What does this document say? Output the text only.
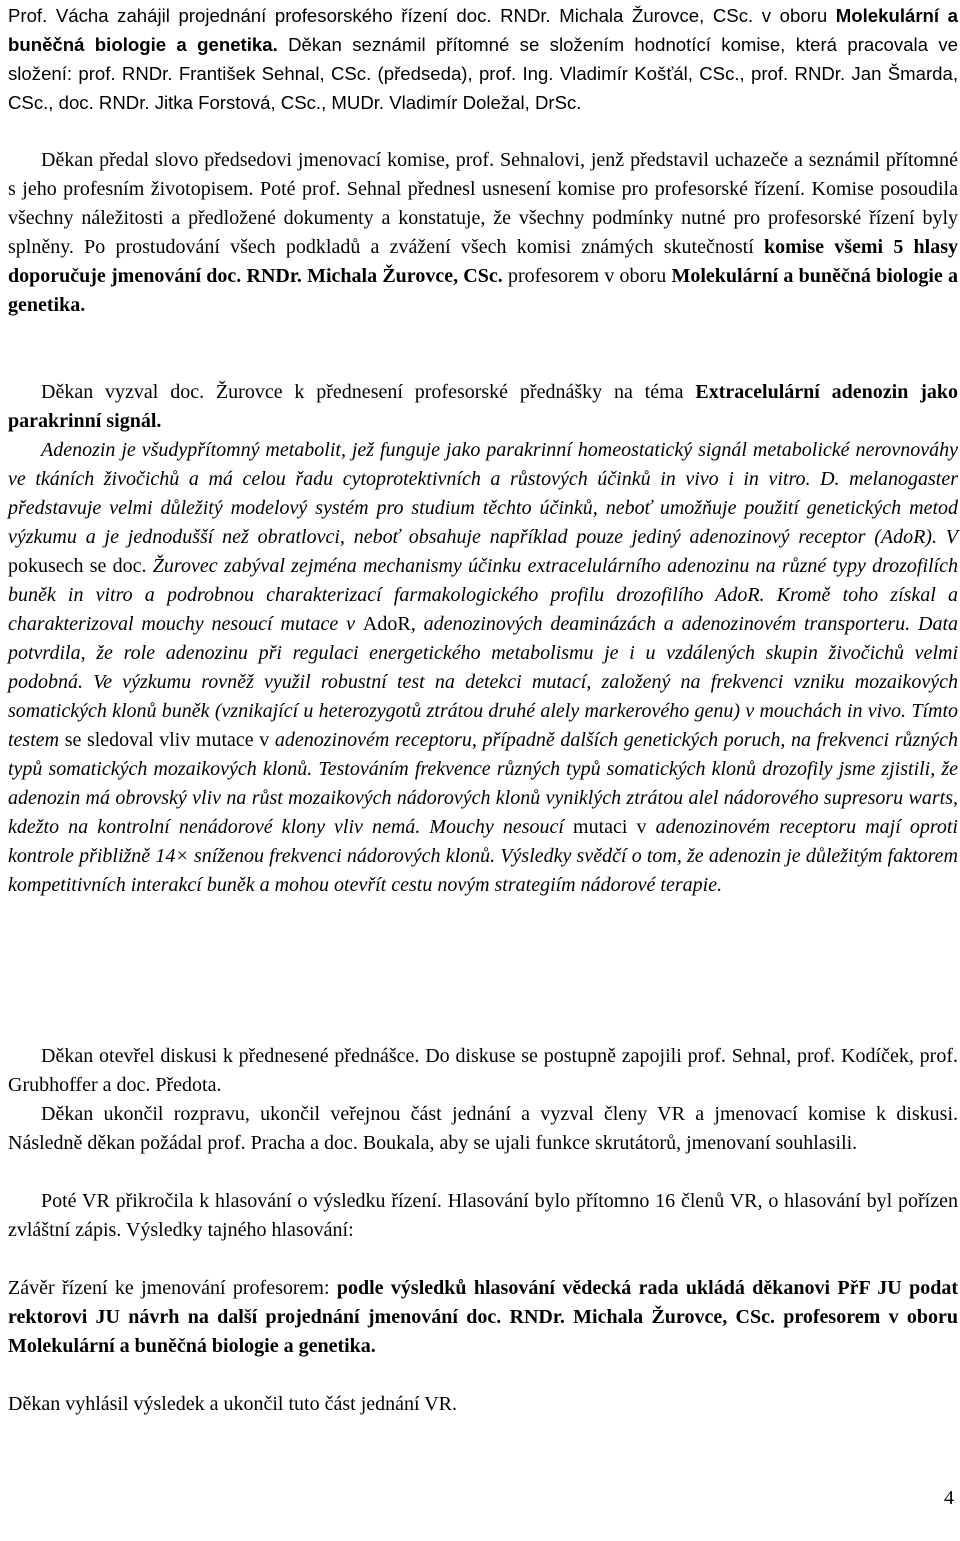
Prof. Vácha zahájil projednání profesorského řízení doc. RNDr. Michala Žurovce, CSc. v oboru Molekulární a buněčná biologie a genetika. Děkan seznámil přítomné se složením hodnotící komise, která pracovala ve složení: prof. RNDr. František Sehnal, CSc. (předseda), prof. Ing. Vladimír Košťál, CSc., prof. RNDr. Jan Šmarda, CSc., doc. RNDr. Jitka Forstová, CSc., MUDr. Vladimír Doležal, DrSc.
Děkan předal slovo předsedovi jmenovací komise, prof. Sehnalovi, jenž představil uchazeče a seznámil přítomné s jeho profesním životopisem. Poté prof. Sehnal přednesl usnesení komise pro profesorské řízení. Komise posoudila všechny náležitosti a předložené dokumenty a konstatuje, že všechny podmínky nutné pro profesorské řízení byly splněny. Po prostudování všech podkladů a zvážení všech komisi známých skutečností komise všemi 5 hlasy doporučuje jmenování doc. RNDr. Michala Žurovce, CSc. profesorem v oboru Molekulární a buněčná biologie a genetika.
Děkan vyzval doc. Žurovce k přednesení profesorské přednášky na téma Extracelulární adenozin jako parakrinní signál.
Adenozin je všudypřítomný metabolit, jež funguje jako parakrinní homeostatický signál metabolické nerovnováhy ve tkáních živočichů a má celou řadu cytoprotektivních a růstových účinků in vivo i in vitro. D. melanogaster představuje velmi důležitý modelový systém pro studium těchto účinků, neboť umožňuje použití genetických metod výzkumu a je jednodušší než obratlovci, neboť obsahuje například pouze jediný adenozinový receptor (AdoR). V pokusech se doc. Žurovec zabýval zejména mechanismy účinku extracelulárního adenozinu na různé typy drozofilích buněk in vitro a podrobnou charakterizací farmakologického profilu drozofilího AdoR. Kromě toho získal a charakterizoval mouchy nesoucí mutace v AdoR, adenozinových deaminázách a adenozinovém transporteru. Data potvrdila, že role adenozinu při regulaci energetického metabolismu je i u vzdálených skupin živočichů velmi podobná. Ve výzkumu rovněž využil robustní test na detekci mutací, založený na frekvenci vzniku mozaikových somatických klonů buněk (vznikající u heterozygotů ztrátou druhé alely markerového genu) v mouchách in vivo. Tímto testem se sledoval vliv mutace v adenozinovém receptoru, případně dalších genetických poruch, na frekvenci různých typů somatických mozaikových klonů. Testováním frekvence různých typů somatických klonů drozofily jsme zjistili, že adenozin má obrovský vliv na růst mozaikových nádorových klonů vyniklých ztrátou alel nádorového supresoru warts, kdežto na kontrolní nenádorové klony vliv nemá. Mouchy nesoucí mutaci v adenozinovém receptoru mají oproti kontrole přibližně 14× sníženou frekvenci nádorových klonů. Výsledky svědčí o tom, že adenozin je důležitým faktorem kompetitivních interakcí buněk a mohou otevřít cestu novým strategiím nádorové terapie.
Děkan otevřel diskusi k přednesené přednášce. Do diskuse se postupně zapojili prof. Sehnal, prof. Kodíček, prof. Grubhoffer a doc. Předota.
Děkan ukončil rozpravu, ukončil veřejnou část jednání a vyzval členy VR a jmenovací komise k diskusi. Následně děkan požádal prof. Pracha a doc. Boukala, aby se ujali funkce skrutátorů, jmenovaní souhlasili.
Poté VR přikročila k hlasování o výsledku řízení. Hlasování bylo přítomno 16 členů VR, o hlasování byl pořízen zvláštní zápis. Výsledky tajného hlasování:
Závěr řízení ke jmenování profesorem: podle výsledků hlasování vědecká rada ukládá děkanovi PřF JU podat rektorovi JU návrh na další projednání jmenování doc. RNDr. Michala Žurovce, CSc. profesorem v oboru Molekulární a buněčná biologie a genetika.
Děkan vyhlásil výsledek a ukončil tuto část jednání VR.
4
